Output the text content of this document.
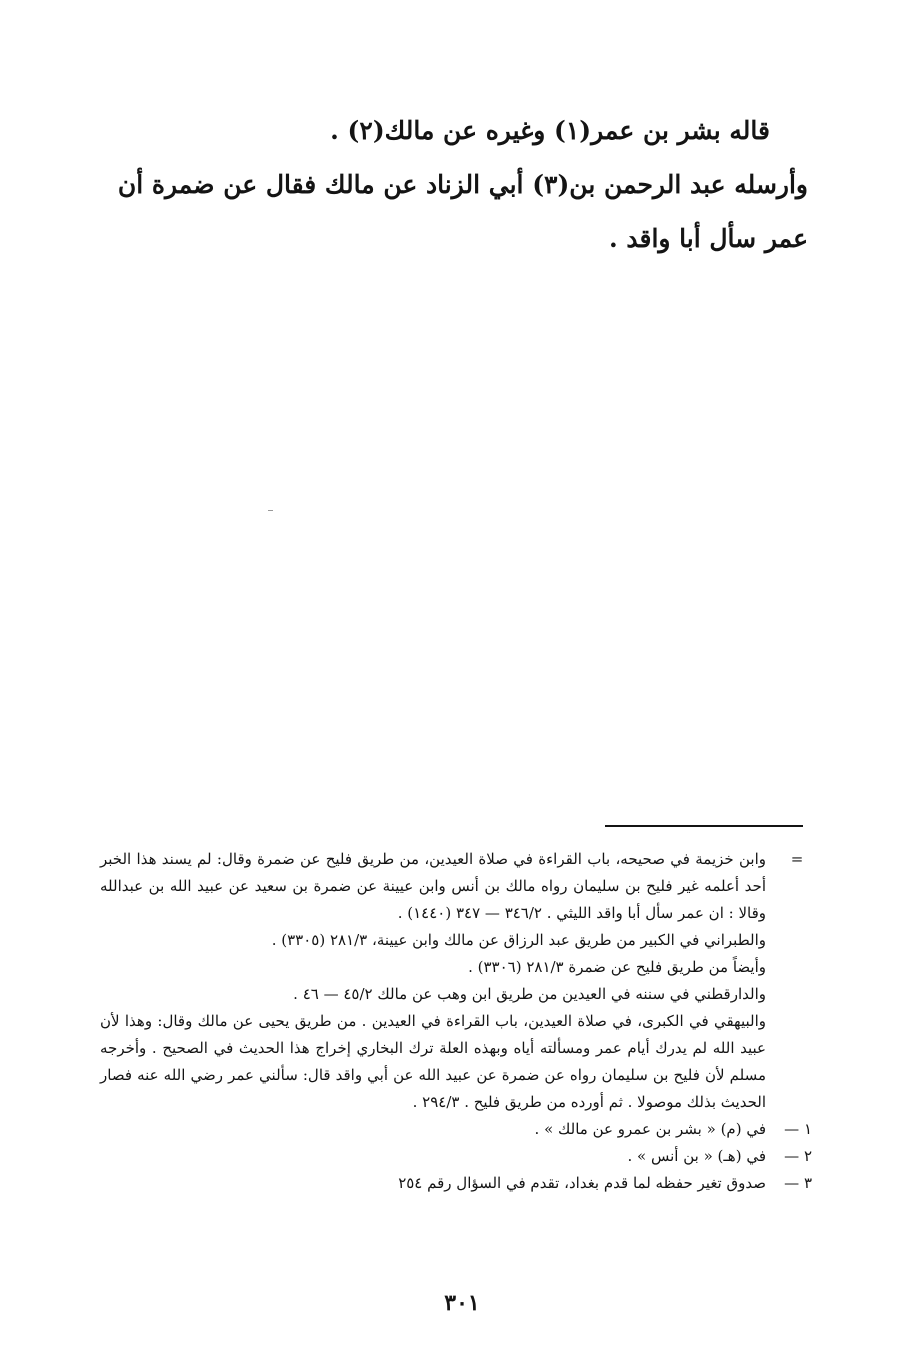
قاله بشر بن عمر(١) وغيره عن مالك(٢) .

وأرسله عبد الرحمن بن(٣) أبي الزناد عن مالك فقال عن ضمرة أن عمر سأل أبا واقد .

=

وابن خزيمة في صحيحه، باب القراءة في صلاة العيدين، من طريق فليح عن ضمرة وقال: لم يسند هذا الخبر أحد أعلمه غير فليح بن سليمان رواه مالك بن أنس وابن عيينة عن ضمرة بن سعيد عن عبيد الله بن عبدالله وقالا : ان عمر سأل أبا واقد الليثي . ٣٤٦/٢ — ٣٤٧ (١٤٤٠) .

والطبراني في الكبير من طريق عبد الرزاق عن مالك وابن عيينة، ٢٨١/٣ (٣٣٠٥) .

وأيضاً من طريق فليح عن ضمرة ٢٨١/٣ (٣٣٠٦) .

والدارقطني في سننه في العيدين من طريق ابن وهب عن مالك ٤٥/٢ — ٤٦ .

والبيهقي في الكبرى، في صلاة العيدين، باب القراءة في العيدين . من طريق يحيى عن مالك وقال: وهذا لأن عبيد الله لم يدرك أيام عمر ومسألته أياه وبهذه العلة ترك البخاري إخراج هذا الحديث في الصحيح . وأخرجه مسلم لأن فليح بن سليمان رواه عن ضمرة عن عبيد الله عن أبي واقد قال: سألني عمر رضي الله عنه فصار الحديث بذلك موصولا . ثم أورده من طريق فليح . ٢٩٤/٣ .

١ —
في (م) « بشر بن عمرو عن مالك » .
٢ —
في (هـ) « بن أنس » .
٣ —
صدوق تغير حفظه لما قدم بغداد، تقدم في السؤال رقم ٢٥٤
٣٠١
